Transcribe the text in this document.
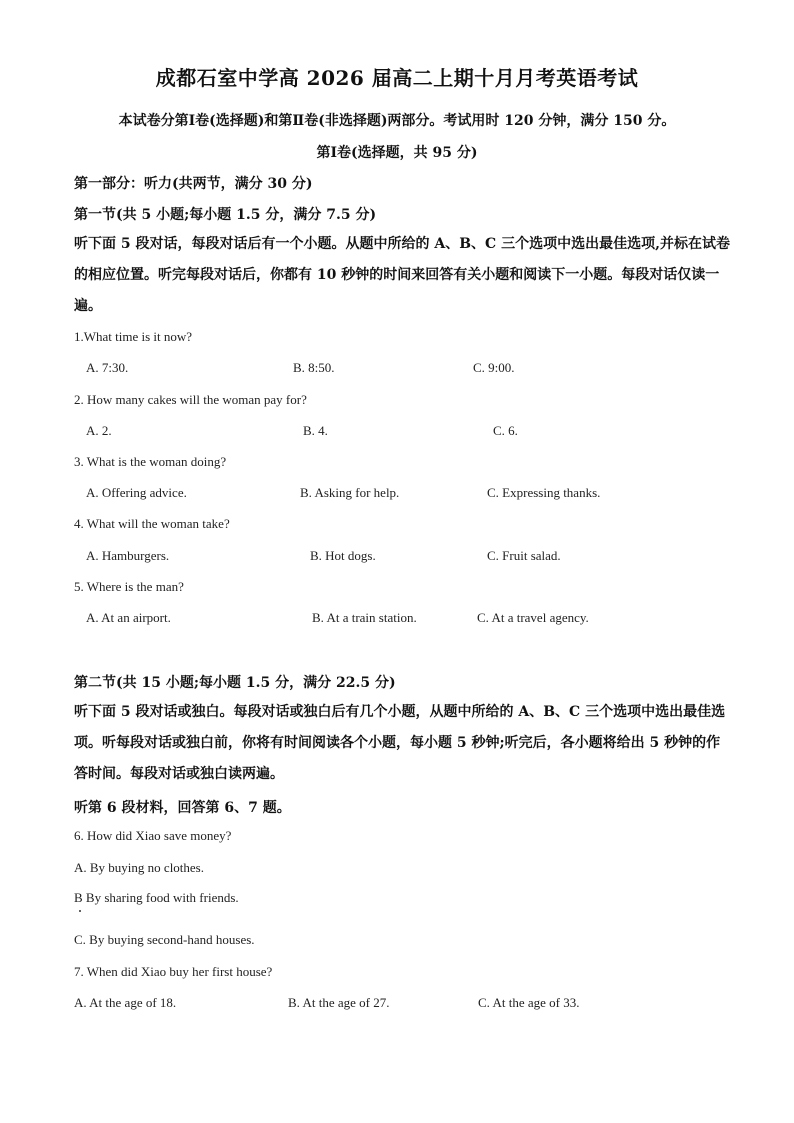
成都石室中学高 2026 届高二上期十月月考英语考试
本试卷分第Ⅰ卷(选择题)和第Ⅱ卷(非选择题)两部分。考试用时 120 分钟，满分 150 分。
第Ⅰ卷(选择题，共 95 分)
第一部分：听力(共两节，满分 30 分)
第一节(共 5 小题;每小题 1.5 分，满分 7.5 分)
听下面 5 段对话，每段对话后有一个小题。从题中所给的 A、B、C 三个选项中选出最佳选项,并标在试卷的相应位置。听完每段对话后，你都有 10 秒钟的时间来回答有关小题和阅读下一小题。每段对话仅读一遍。
1.What time is it now?
A. 7:30.	B. 8:50.	C. 9:00.
2. How many cakes will the woman pay for?
A. 2.	B. 4.	C. 6.
3. What is the woman doing?
A. Offering advice.	B. Asking for help.	C. Expressing thanks.
4. What will the woman take?
A. Hamburgers.	B. Hot dogs.	C. Fruit salad.
5. Where is the man?
A. At an airport.	B. At a train station.	C. At a travel agency.
第二节(共 15 小题;每小题 1.5 分，满分 22.5 分)
听下面 5 段对话或独白。每段对话或独白后有几个小题，从题中所给的 A、B、C 三个选项中选出最佳选项。听每段对话或独白前，你将有时间阅读各个小题，每小题 5 秒钟;听完后，各小题将给出 5 秒钟的作答时间。每段对话或独白读两遍。
听第 6 段材料，回答第 6、7 题。
6. How did Xiao save money?
A. By buying no clothes.
B By sharing food with friends.
C. By buying second-hand houses.
7. When did Xiao buy her first house?
A. At the age of 18.	B. At the age of 27.	C. At the age of 33.
